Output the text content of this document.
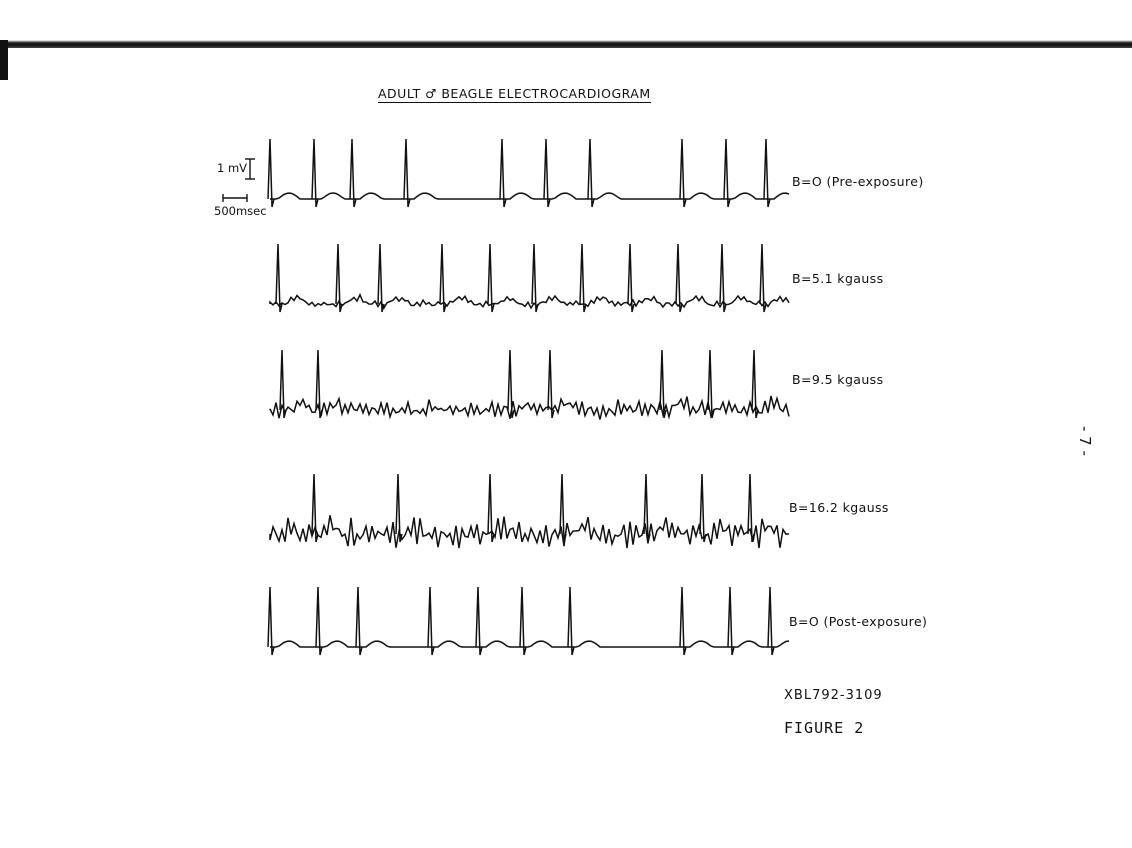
ADULT ♂ BEAGLE ELECTROCARDIOGRAM
1 mV
500msec
B=O (Pre-exposure)
B=5.1 kgauss
B=9.5 kgauss
B=16.2 kgauss
B=O (Post-exposure)
XBL792-3109
FIGURE 2
- 7 -
